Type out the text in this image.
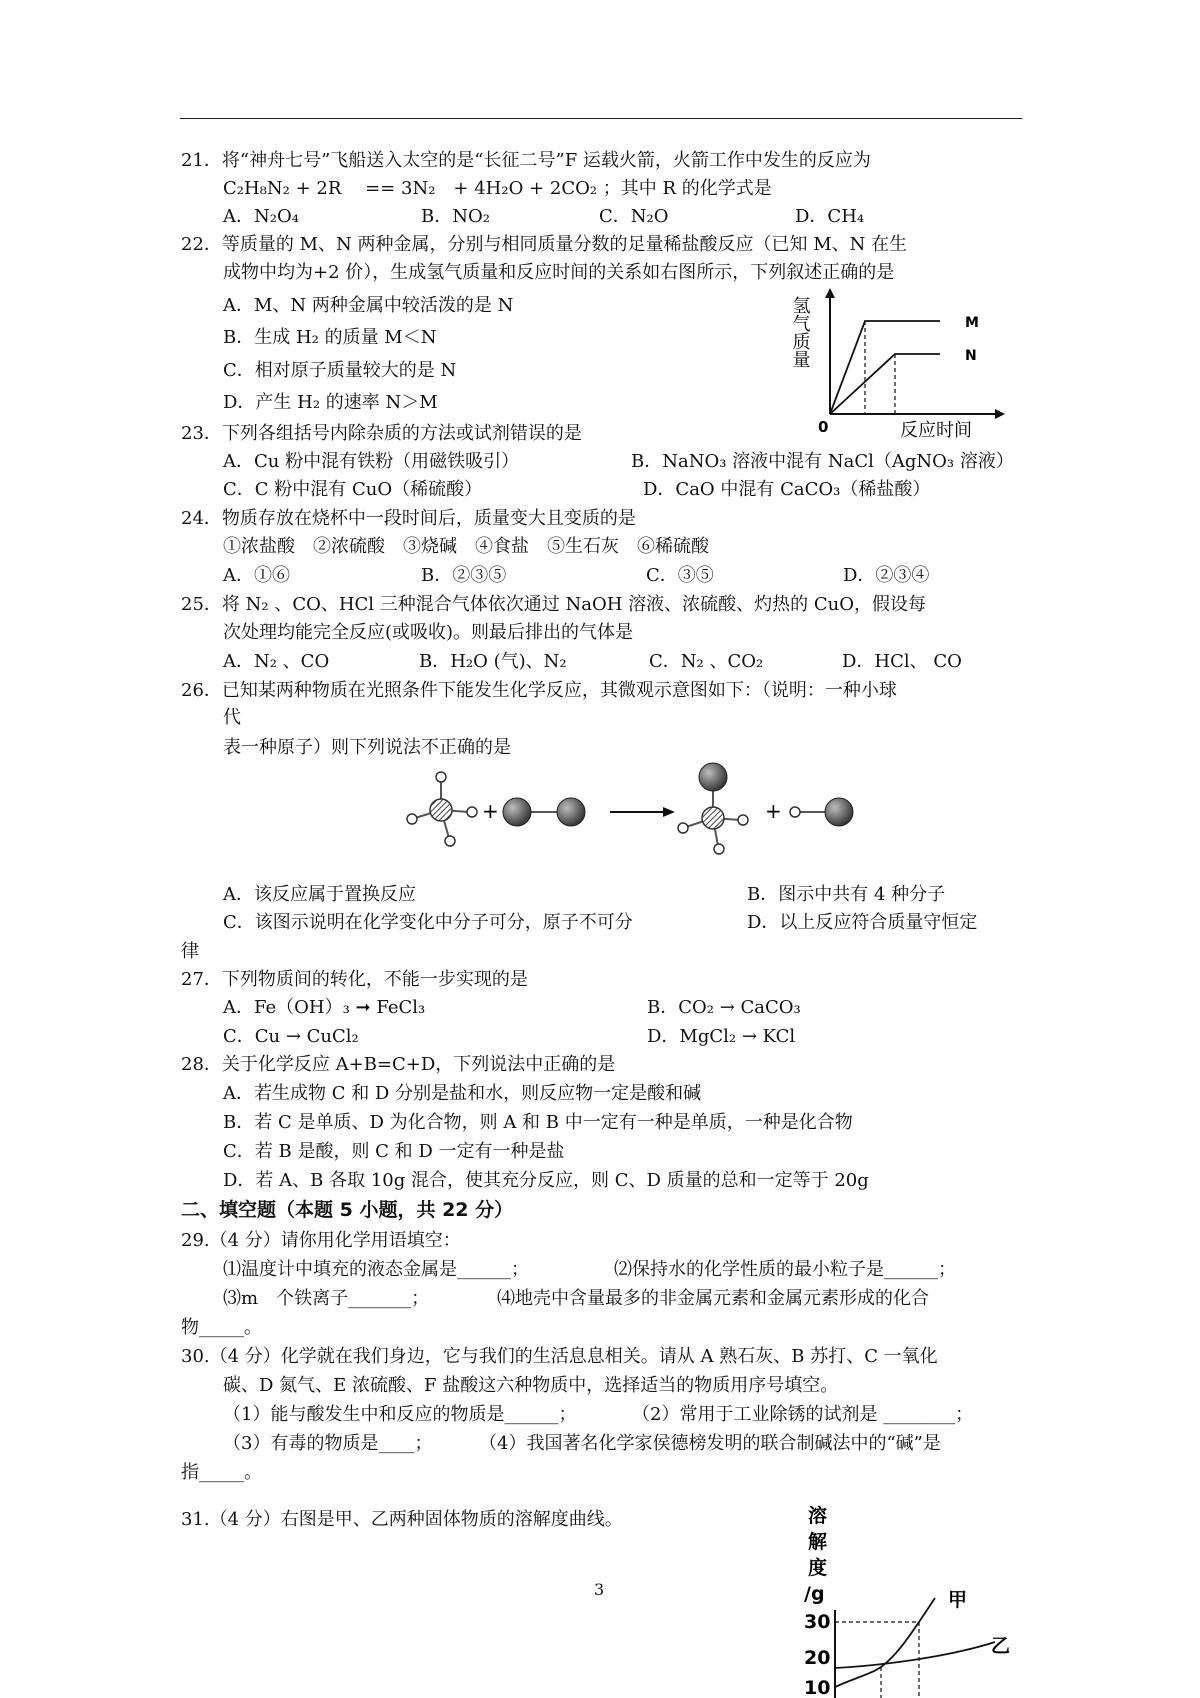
21．将“神舟七号”飞船送入太空的是“长征二号”F 运载火箭，火箭工作中发生的反应为
C₂H₈N₂ + 2R　 == 3N₂　+ 4H₂O + 2CO₂ ；其中 R 的化学式是
A．N₂O₄	B．NO₂	C．N₂O	D．CH₄
22．等质量的 M、N 两种金属，分别与相同质量分数的足量稀盐酸反应（已知 M、N 在生
成物中均为+2 价），生成氢气质量和反应时间的关系如右图所示，下列叙述正确的是
A．M、N 两种金属中较活泼的是 N
B．生成 H₂ 的质量 M＜N
C．相对原子质量较大的是 N
D．产生 H₂ 的速率 N＞M
M
N
0	反应时间
氢气质量
23．下列各组括号内除杂质的方法或试剂错误的是
A．Cu 粉中混有铁粉（用磁铁吸引）	B．NaNO₃ 溶液中混有 NaCl（AgNO₃ 溶液）
C．C 粉中混有 CuO（稀硫酸）	D．CaO 中混有 CaCO₃（稀盐酸）
24．物质存放在烧杯中一段时间后，质量变大且变质的是
①浓盐酸　②浓硫酸　③烧碱　④食盐　⑤生石灰　⑥稀硫酸
A．①⑥	B．②③⑤	C．③⑤	D．②③④
25．将 N₂ 、CO、HCl 三种混合气体依次通过 NaOH 溶液、浓硫酸、灼热的 CuO，假设每
次处理均能完全反应(或吸收)。则最后排出的气体是
A．N₂ 、CO	B．H₂O (气)、N₂	C．N₂ 、CO₂	D．HCl、 CO
26．已知某两种物质在光照条件下能发生化学反应，其微观示意图如下：（说明：一种小球
代
表一种原子）则下列说法不正确的是
+	+
A．该反应属于置换反应	B．图示中共有 4 种分子
C．该图示说明在化学变化中分子可分，原子不可分	D．以上反应符合质量守恒定
律
27．下列物质间的转化，不能一步实现的是
A．Fe（OH）₃ ➞ FeCl₃	B．CO₂ → CaCO₃
C．Cu → CuCl₂	D．MgCl₂ → KCl
28．关于化学反应 A+B=C+D，下列说法中正确的是
A．若生成物 C 和 D 分别是盐和水，则反应物一定是酸和碱
B．若 C 是单质、D 为化合物，则 A 和 B 中一定有一种是单质，一种是化合物
C．若 B 是酸，则 C 和 D 一定有一种是盐
D．若 A、B 各取 10g 混合，使其充分反应，则 C、D 质量的总和一定等于 20g
二、填空题（本题 5 小题，共 22 分）
29.（4 分）请你用化学用语填空：
⑴温度计中填充的液态金属是______；	⑵保持水的化学性质的最小粒子是______；
⑶m　个铁离子_______；	⑷地壳中含量最多的非金属元素和金属元素形成的化合
物_____。
30.（4 分）化学就在我们身边，它与我们的生活息息相关。请从 A 熟石灰、B 苏打、C 一氧化
碳、D 氮气、E 浓硫酸、F 盐酸这六种物质中，选择适当的物质用序号填空。
（1）能与酸发生中和反应的物质是______；	（2）常用于工业除锈的试剂是 ________；
（3）有毒的物质是____；	（4）我国著名化学家侯德榜发明的联合制碱法中的“碱”是
指_____。
31.（4 分）右图是甲、乙两种固体物质的溶解度曲线。	溶
解
度
/g
30
20
10
甲
乙
3
